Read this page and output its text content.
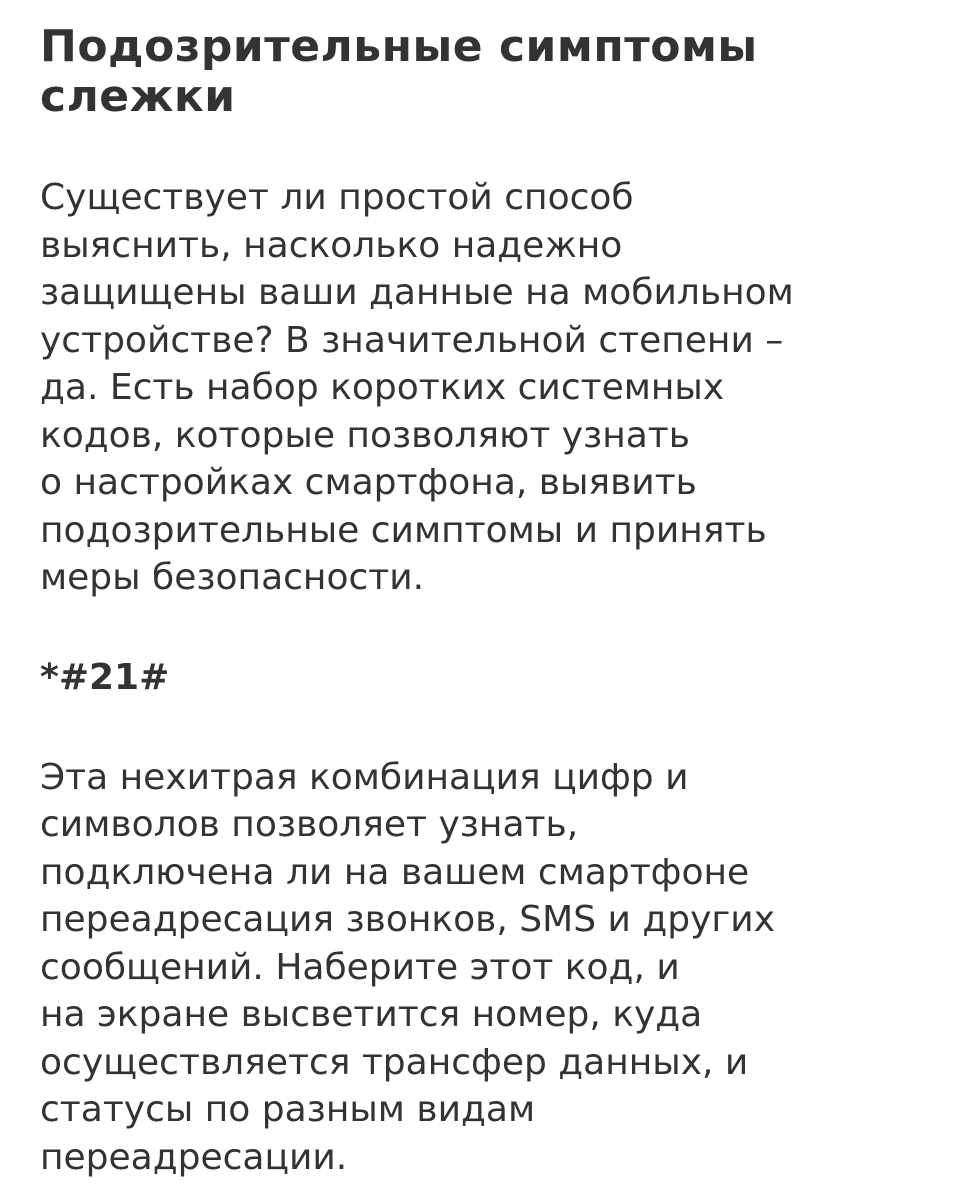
Подозрительные симптомы
слежки

Существует ли простой способ
выяснить, насколько надежно
защищены ваши данные на мобильном
устройстве? В значительной степени –
да. Есть набор коротких системных
кодов, которые позволяют узнать
о настройках смартфона, выявить
подозрительные симптомы и принять
меры безопасности.

*#21#

Эта нехитрая комбинация цифр и
символов позволяет узнать,
подключена ли на вашем смартфоне
переадресация звонков, SMS и других
сообщений. Наберите этот код, и
на экране высветится номер, куда
осуществляется трансфер данных, и
статусы по разным видам
переадресации.
